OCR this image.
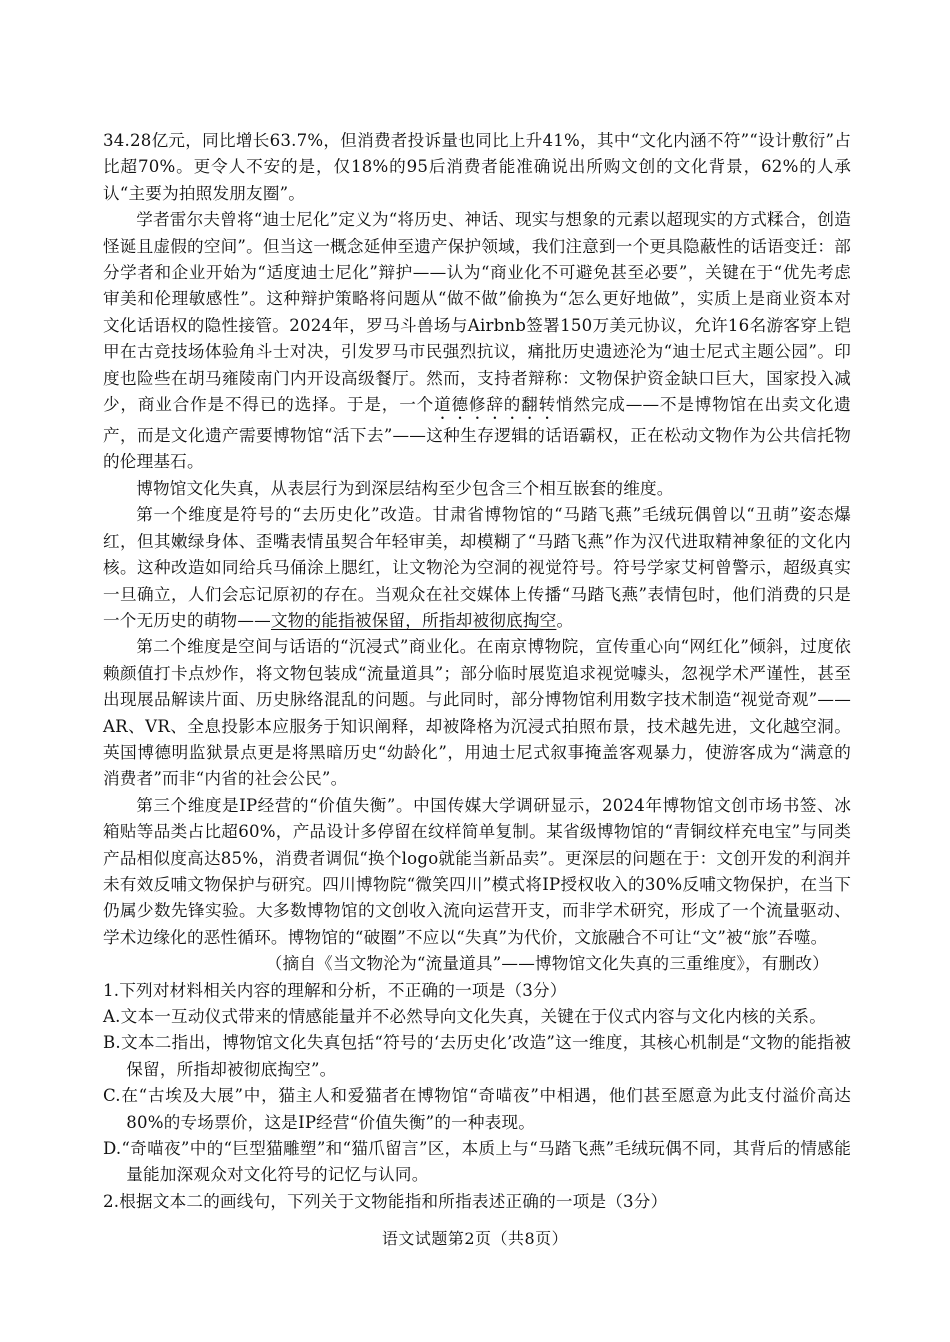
34.28亿元，同比增长63.7%，但消费者投诉量也同比上升41%，其中“文化内涵不符”“设计敷衍”占比超70%。更令人不安的是，仅18%的95后消费者能准确说出所购文创的文化背景，62%的人承认“主要为拍照发朋友圈”。

学者雷尔夫曾将“迪士尼化”定义为“将历史、神话、现实与想象的元素以超现实的方式糅合，创造怪诞且虚假的空间”。但当这一概念延伸至遗产保护领域，我们注意到一个更具隐蔽性的话语变迁：部分学者和企业开始为“适度迪士尼化”辩护——认为“商业化不可避免甚至必要”，关键在于“优先考虑审美和伦理敏感性”。这种辩护策略将问题从“做不做”偷换为“怎么更好地做”，实质上是商业资本对文化话语权的隐性接管。2024年，罗马斗兽场与Airbnb签署150万美元协议，允许16名游客穿上铠甲在古竞技场体验角斗士对决，引发罗马市民强烈抗议，痛批历史遗迹沦为“迪士尼式主题公园”。印度也险些在胡马雍陵南门内开设高级餐厅。然而，支持者辩称：文物保护资金缺口巨大，国家投入减少，商业合作是不得已的选择。于是，一个道德修辞的翻转悄然完成——不是博物馆在出卖文化遗产，而是文化遗产需要博物馆“活下去”——这种生存逻辑的话语霸权，正在松动文物作为公共信托物的伦理基石。

博物馆文化失真，从表层行为到深层结构至少包含三个相互嵌套的维度。

第一个维度是符号的“去历史化”改造。甘肃省博物馆的“马踏飞燕”毛绒玩偶曾以“丑萌”姿态爆红，但其嫩绿身体、歪嘴表情虽契合年轻审美，却模糊了“马踏飞燕”作为汉代进取精神象征的文化内核。这种改造如同给兵马俑涂上腮红，让文物沦为空洞的视觉符号。符号学家艾柯曾警示，超级真实一旦确立，人们会忘记原初的存在。当观众在社交媒体上传播“马踏飞燕”表情包时，他们消费的只是一个无历史的萌物——文物的能指被保留，所指却被彻底掏空。

第二个维度是空间与话语的“沉浸式”商业化。在南京博物院，宣传重心向“网红化”倾斜，过度依赖颜值打卡点炒作，将文物包装成“流量道具”；部分临时展览追求视觉噱头，忽视学术严谨性，甚至出现展品解读片面、历史脉络混乱的问题。与此同时，部分博物馆利用数字技术制造“视觉奇观”——AR、VR、全息投影本应服务于知识阐释，却被降格为沉浸式拍照布景，技术越先进，文化越空洞。英国博德明监狱景点更是将黑暗历史“幼龄化”，用迪士尼式叙事掩盖客观暴力，使游客成为“满意的消费者”而非“内省的社会公民”。

第三个维度是IP经营的“价值失衡”。中国传媒大学调研显示，2024年博物馆文创市场书签、冰箱贴等品类占比超60%，产品设计多停留在纹样简单复制。某省级博物馆的“青铜纹样充电宝”与同类产品相似度高达85%，消费者调侃“换个logo就能当新品卖”。更深层的问题在于：文创开发的利润并未有效反哺文物保护与研究。四川博物院“微笑四川”模式将IP授权收入的30%反哺文物保护，在当下仍属少数先锋实验。大多数博物馆的文创收入流向运营开支，而非学术研究，形成了一个流量驱动、学术边缘化的恶性循环。博物馆的“破圈”不应以“失真”为代价，文旅融合不可让“文”被“旅”吞噬。

（摘自《当文物沦为“流量道具”——博物馆文化失真的三重维度》，有删改）

1.下列对材料相关内容的理解和分析，不正确的一项是（3分）

A.文本一互动仪式带来的情感能量并不必然导向文化失真，关键在于仪式内容与文化内核的关系。

B.文本二指出，博物馆文化失真包括“符号的‘去历史化’改造”这一维度，其核心机制是“文物的能指被保留，所指却被彻底掏空”。

C.在“古埃及大展”中，猫主人和爱猫者在博物馆“奇喵夜”中相遇，他们甚至愿意为此支付溢价高达80%的专场票价，这是IP经营“价值失衡”的一种表现。

D.“奇喵夜”中的“巨型猫雕塑”和“猫爪留言”区，本质上与“马踏飞燕”毛绒玩偶不同，其背后的情感能量能加深观众对文化符号的记忆与认同。

2.根据文本二的画线句，下列关于文物能指和所指表述正确的一项是（3分）

语文试题第2页（共8页）
